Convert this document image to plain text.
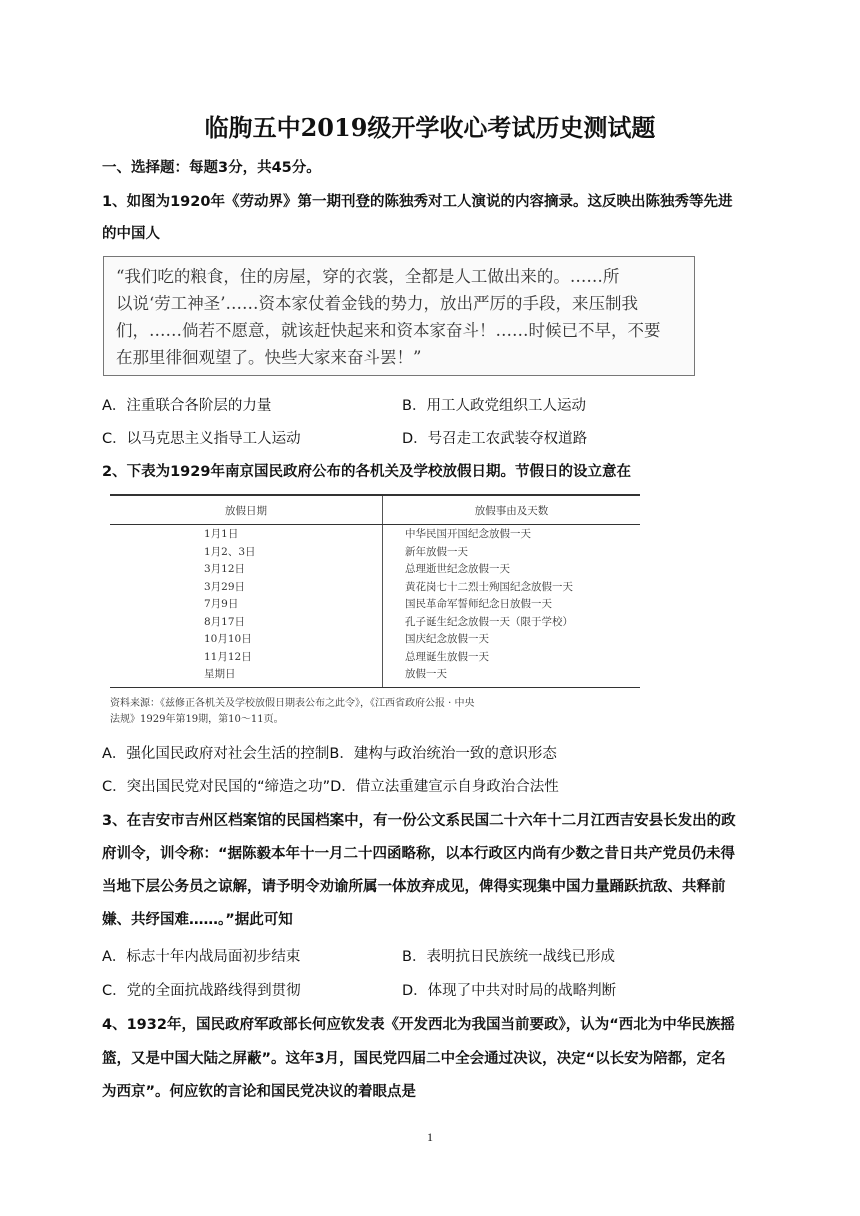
临朐五中2019级开学收心考试历史测试题
一、选择题：每题3分，共45分。
1、如图为1920年《劳动界》第一期刊登的陈独秀对工人演说的内容摘录。这反映出陈独秀等先进
的中国人
“我们吃的粮食，住的房屋，穿的衣裳，全都是人工做出来的。……所
以说‘劳工神圣’……资本家仗着金钱的势力，放出严厉的手段，来压制我
们，……倘若不愿意，就该赶快起来和资本家奋斗！……时候已不早，不要
在那里徘徊观望了。快些大家来奋斗罢！”
A．注重联合各阶层的力量	B．用工人政党组织工人运动
C．以马克思主义指导工人运动	D．号召走工农武装夺权道路
2、下表为1929年南京国民政府公布的各机关及学校放假日期。节假日的设立意在
放假日期	放假事由及天数
1月1日	中华民国开国纪念放假一天
1月2、3日	新年放假一天
3月12日	总理逝世纪念放假一天
3月29日	黄花岗七十二烈士殉国纪念放假一天
7月9日	国民革命军誓师纪念日放假一天
8月17日	孔子诞生纪念放假一天（限于学校）
10月10日	国庆纪念放假一天
11月12日	总理诞生放假一天
星期日	放假一天
资料来源：《兹修正各机关及学校放假日期表公布之此令》，《江西省政府公报 · 中央
法规》1929年第19期，第10～11页。
A．强化国民政府对社会生活的控制B．建构与政治统治一致的意识形态
C．突出国民党对民国的“缔造之功”D．借立法重建宣示自身政治合法性
3、在吉安市吉州区档案馆的民国档案中，有一份公文系民国二十六年十二月江西吉安县长发出的政
府训令，训令称：“据陈毅本年十一月二十四函略称，以本行政区内尚有少数之昔日共产党员仍未得
当地下层公务员之谅解，请予明令劝谕所属一体放弃成见，俾得实现集中国力量踊跃抗敌、共释前
嫌、共纾国难……。”据此可知
A．标志十年内战局面初步结束	B．表明抗日民族统一战线已形成
C．党的全面抗战路线得到贯彻	D．体现了中共对时局的战略判断
4、1932年，国民政府军政部长何应钦发表《开发西北为我国当前要政》，认为“西北为中华民族摇
篮，又是中国大陆之屏蔽”。这年3月，国民党四届二中全会通过决议，决定“以长安为陪都，定名
为西京”。何应钦的言论和国民党决议的着眼点是
1
